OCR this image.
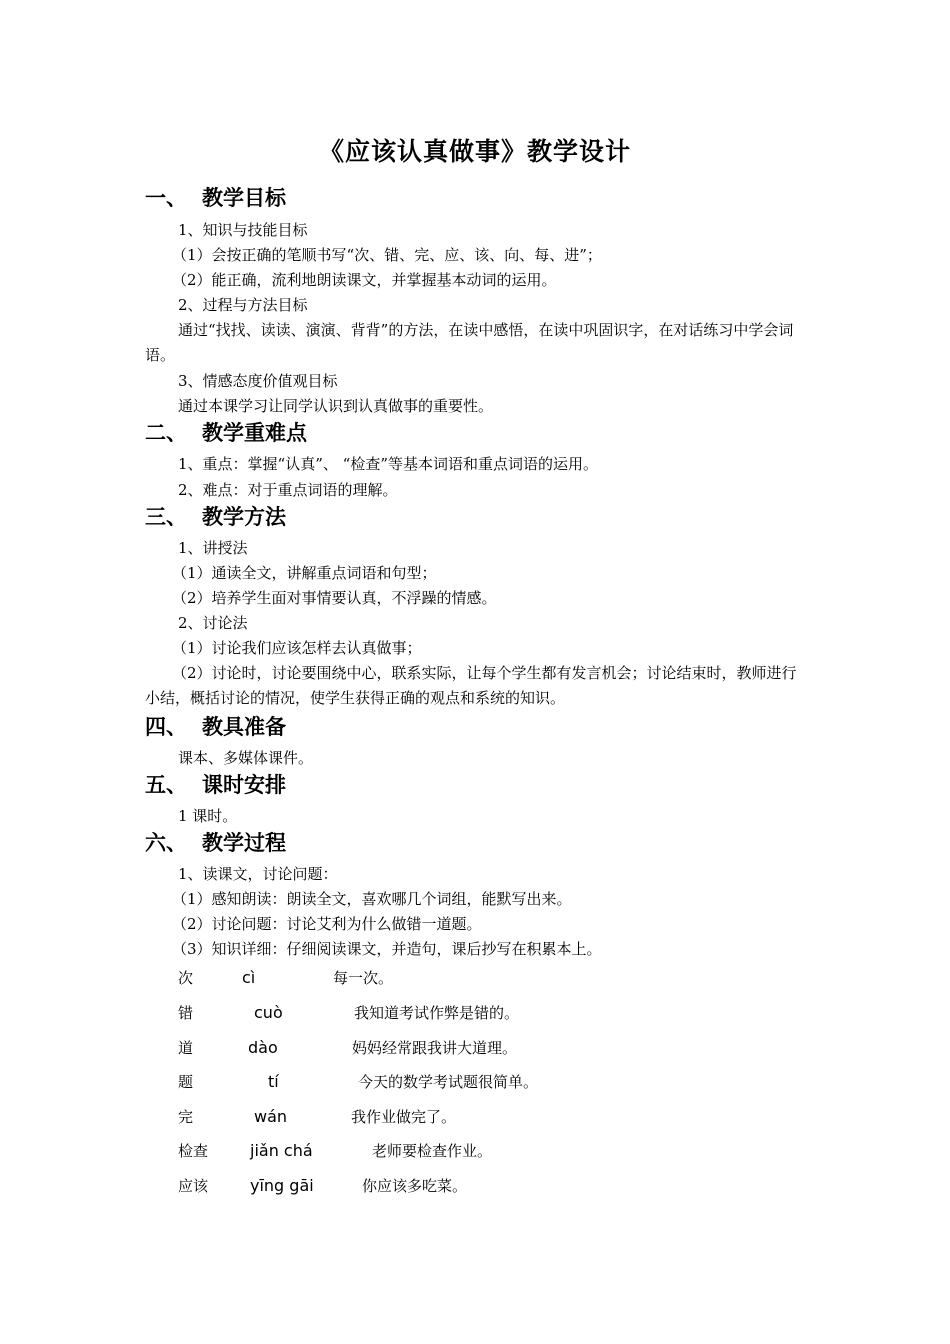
《应该认真做事》教学设计
一、 教学目标
1、知识与技能目标
（1）会按正确的笔顺书写“次、错、完、应、该、向、每、进”；
（2）能正确，流利地朗读课文，并掌握基本动词的运用。
2、过程与方法目标
通过“找找、读读、演演、背背”的方法，在读中感悟，在读中巩固识字，在对话练习中学会词语。
3、情感态度价值观目标
通过本课学习让同学认识到认真做事的重要性。
二、 教学重难点
1、重点：掌握“认真”、 “检查”等基本词语和重点词语的运用。
2、难点：对于重点词语的理解。
三、 教学方法
1、讲授法
（1）通读全文，讲解重点词语和句型；
（2）培养学生面对事情要认真，不浮躁的情感。
2、讨论法
（1）讨论我们应该怎样去认真做事；
（2）讨论时，讨论要围绕中心，联系实际，让每个学生都有发言机会；讨论结束时，教师进行小结，概括讨论的情况，使学生获得正确的观点和系统的知识。
四、 教具准备
课本、多媒体课件。
五、 课时安排
1 课时。
六、 教学过程
1、读课文，讨论问题：
（1）感知朗读：朗读全文，喜欢哪几个词组，能默写出来。
（2）讨论问题：讨论艾利为什么做错一道题。
（3）知识详细：仔细阅读课文，并造句，课后抄写在积累本上。
次	cì	每一次。
错	cuò	我知道考试作弊是错的。
道	dào	妈妈经常跟我讲大道理。
题	tí	今天的数学考试题很简单。
完	wán	我作业做完了。
检查	jiǎn chá	老师要检查作业。
应该	yīng gāi	你应该多吃菜。
